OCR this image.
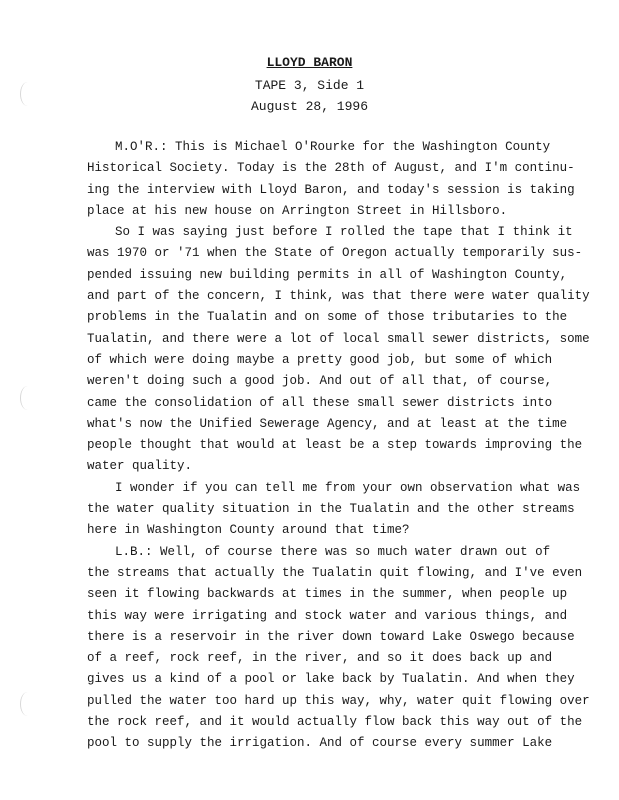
LLOYD BARON
TAPE 3, Side 1
August 28, 1996

M.O'R.: This is Michael O'Rourke for the Washington County
Historical Society. Today is the 28th of August, and I'm continu-
ing the interview with Lloyd Baron, and today's session is taking
place at his new house on Arrington Street in Hillsboro.

So I was saying just before I rolled the tape that I think it
was 1970 or '71 when the State of Oregon actually temporarily sus-
pended issuing new building permits in all of Washington County,
and part of the concern, I think, was that there were water quality
problems in the Tualatin and on some of those tributaries to the
Tualatin, and there were a lot of local small sewer districts, some
of which were doing maybe a pretty good job, but some of which
weren't doing such a good job. And out of all that, of course,
came the consolidation of all these small sewer districts into
what's now the Unified Sewerage Agency, and at least at the time
people thought that would at least be a step towards improving the
water quality.

I wonder if you can tell me from your own observation what was
the water quality situation in the Tualatin and the other streams
here in Washington County around that time?

L.B.: Well, of course there was so much water drawn out of
the streams that actually the Tualatin quit flowing, and I've even
seen it flowing backwards at times in the summer, when people up
this way were irrigating and stock water and various things, and
there is a reservoir in the river down toward Lake Oswego because
of a reef, rock reef, in the river, and so it does back up and
gives us a kind of a pool or lake back by Tualatin. And when they
pulled the water too hard up this way, why, water quit flowing over
the rock reef, and it would actually flow back this way out of the
pool to supply the irrigation. And of course every summer Lake
